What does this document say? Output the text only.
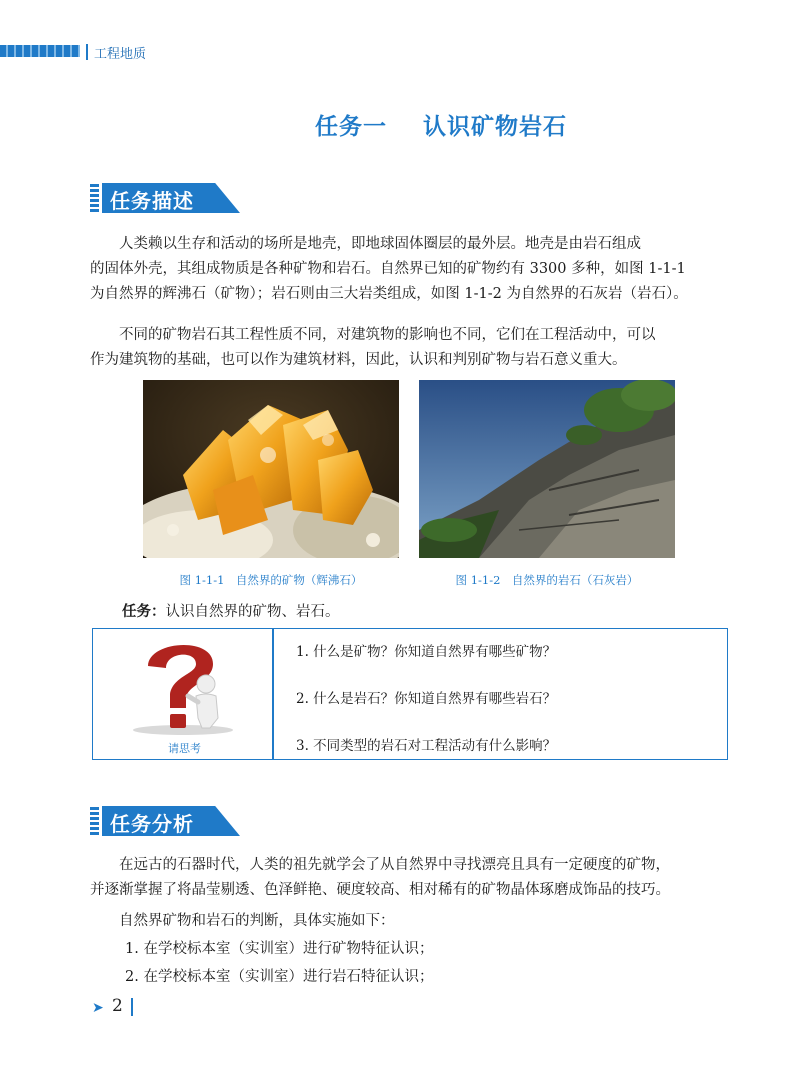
工程地质
任务一 认识矿物岩石
任务描述
人类赖以生存和活动的场所是地壳，即地球固体圈层的最外层。地壳是由岩石组成
的固体外壳，其组成物质是各种矿物和岩石。自然界已知的矿物约有 3300 多种，如图 1-1-1
为自然界的辉沸石（矿物）；岩石则由三大岩类组成，如图 1-1-2 为自然界的石灰岩（岩石）。
不同的矿物岩石其工程性质不同，对建筑物的影响也不同，它们在工程活动中，可以
作为建筑物的基础，也可以作为建筑材料，因此，认识和判别矿物与岩石意义重大。
图 1-1-1　自然界的矿物（辉沸石）	图 1-1-2　自然界的岩石（石灰岩）
任务：认识自然界的矿物、岩石。
请思考
1. 什么是矿物？你知道自然界有哪些矿物？
2. 什么是岩石？你知道自然界有哪些岩石？
3. 不同类型的岩石对工程活动有什么影响？
任务分析
在远古的石器时代，人类的祖先就学会了从自然界中寻找漂亮且具有一定硬度的矿物，
并逐渐掌握了将晶莹剔透、色泽鲜艳、硬度较高、相对稀有的矿物晶体琢磨成饰品的技巧。
自然界矿物和岩石的判断，具体实施如下：
1. 在学校标本室（实训室）进行矿物特征认识；
2. 在学校标本室（实训室）进行岩石特征认识；
➤ 2
